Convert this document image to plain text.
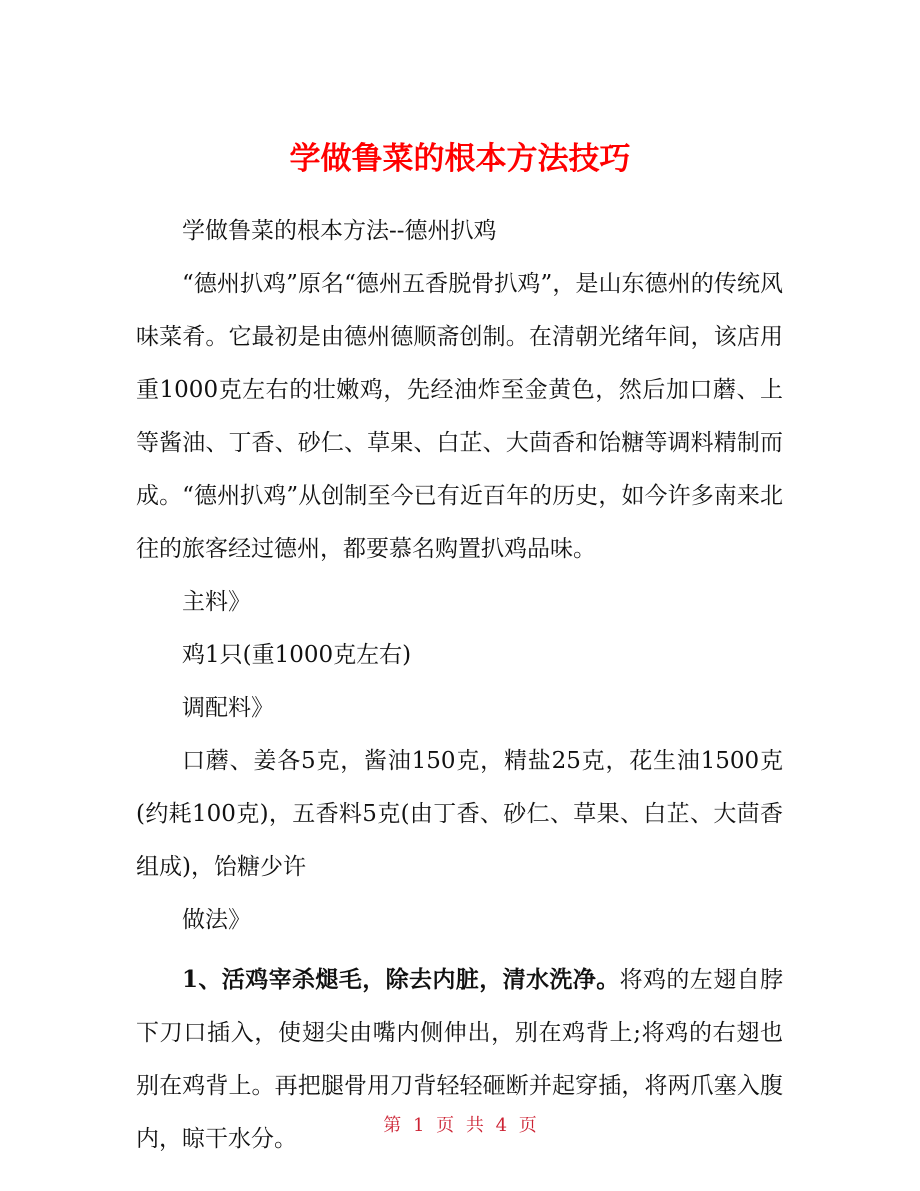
学做鲁菜的根本方法技巧

学做鲁菜的根本方法--德州扒鸡

“德州扒鸡”原名“德州五香脱骨扒鸡”，是山东德州的传统风味菜肴。它最初是由德州德顺斋创制。在清朝光绪年间，该店用重1000克左右的壮嫩鸡，先经油炸至金黄色，然后加口蘑、上等酱油、丁香、砂仁、草果、白芷、大茴香和饴糖等调料精制而成。“德州扒鸡”从创制至今已有近百年的历史，如今许多南来北往的旅客经过德州，都要慕名购置扒鸡品味。

主料》

鸡1只(重1000克左右)

调配料》

口蘑、姜各5克，酱油150克，精盐25克，花生油1500克(约耗100克)，五香料5克(由丁香、砂仁、草果、白芷、大茴香组成)，饴糖少许

做法》

1、活鸡宰杀煺毛，除去内脏，清水洗净。将鸡的左翅自脖下刀口插入，使翅尖由嘴内侧伸出，别在鸡背上;将鸡的右翅也别在鸡背上。再把腿骨用刀背轻轻砸断并起穿插，将两爪塞入腹内，晾干水分。

第 1 页 共 4 页
